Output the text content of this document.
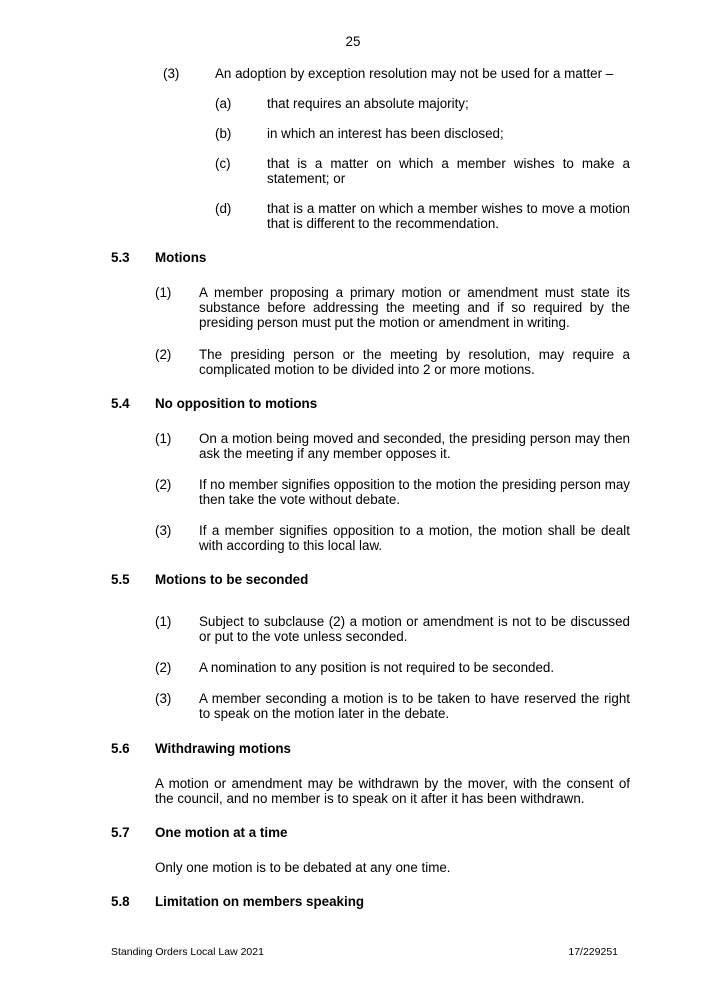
25
(3)	An adoption by exception resolution may not be used for a matter –
(a)	that requires an absolute majority;
(b)	in which an interest has been disclosed;
(c)	that is a matter on which a member wishes to make a statement; or
(d)	that is a matter on which a member wishes to move a motion that is different to the recommendation.
5.3 Motions
(1) A member proposing a primary motion or amendment must state its substance before addressing the meeting and if so required by the presiding person must put the motion or amendment in writing.
(2) The presiding person or the meeting by resolution, may require a complicated motion to be divided into 2 or more motions.
5.4 No opposition to motions
(1) On a motion being moved and seconded, the presiding person may then ask the meeting if any member opposes it.
(2) If no member signifies opposition to the motion the presiding person may then take the vote without debate.
(3) If a member signifies opposition to a motion, the motion shall be dealt with according to this local law.
5.5 Motions to be seconded
(1) Subject to subclause (2) a motion or amendment is not to be discussed or put to the vote unless seconded.
(2) A nomination to any position is not required to be seconded.
(3) A member seconding a motion is to be taken to have reserved the right to speak on the motion later in the debate.
5.6 Withdrawing motions
A motion or amendment may be withdrawn by the mover, with the consent of the council, and no member is to speak on it after it has been withdrawn.
5.7 One motion at a time
Only one motion is to be debated at any one time.
5.8 Limitation on members speaking
Standing Orders Local Law 2021	17/229251
